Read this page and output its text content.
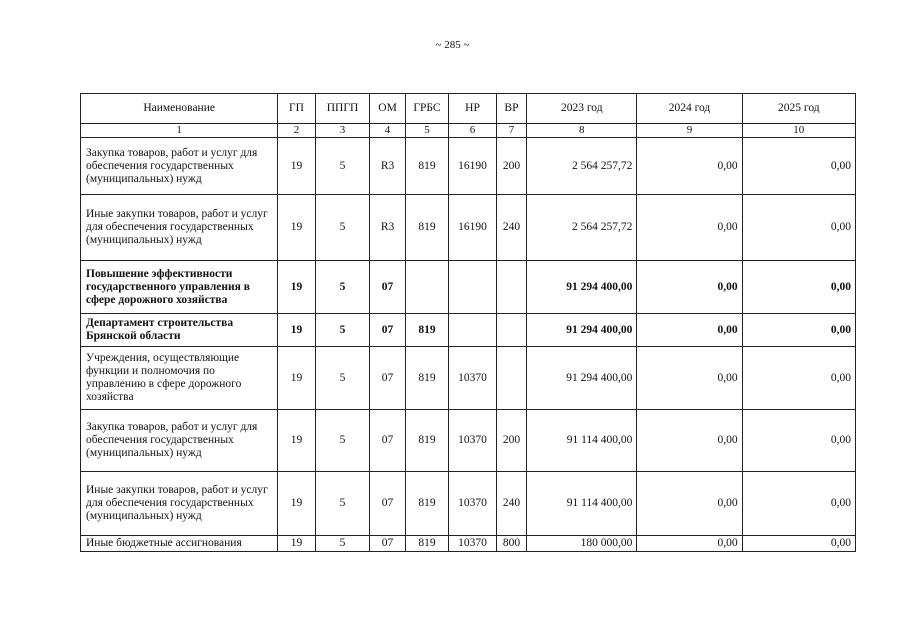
~ 285 ~
Наименование	ГП	ППГП	ОМ	ГРБС	НР	ВР	2023 год	2024 год	2025 год
1	2	3	4	5	6	7	8	9	10
Закупка товаров, работ и услуг для обеспечения государственных (муниципальных) нужд	19	5	R3	819	16190	200	2 564 257,72	0,00	0,00
Иные закупки товаров, работ и услуг для обеспечения государственных (муниципальных) нужд	19	5	R3	819	16190	240	2 564 257,72	0,00	0,00
Повышение эффективности государственного управления в сфере дорожного хозяйства	19	5	07				91 294 400,00	0,00	0,00
Департамент строительства Брянской области	19	5	07	819			91 294 400,00	0,00	0,00
Учреждения, осуществляющие функции и полномочия по управлению в сфере дорожного хозяйства	19	5	07	819	10370		91 294 400,00	0,00	0,00
Закупка товаров, работ и услуг для обеспечения государственных (муниципальных) нужд	19	5	07	819	10370	200	91 114 400,00	0,00	0,00
Иные закупки товаров, работ и услуг для обеспечения государственных (муниципальных) нужд	19	5	07	819	10370	240	91 114 400,00	0,00	0,00
Иные бюджетные ассигнования	19	5	07	819	10370	800	180 000,00	0,00	0,00
